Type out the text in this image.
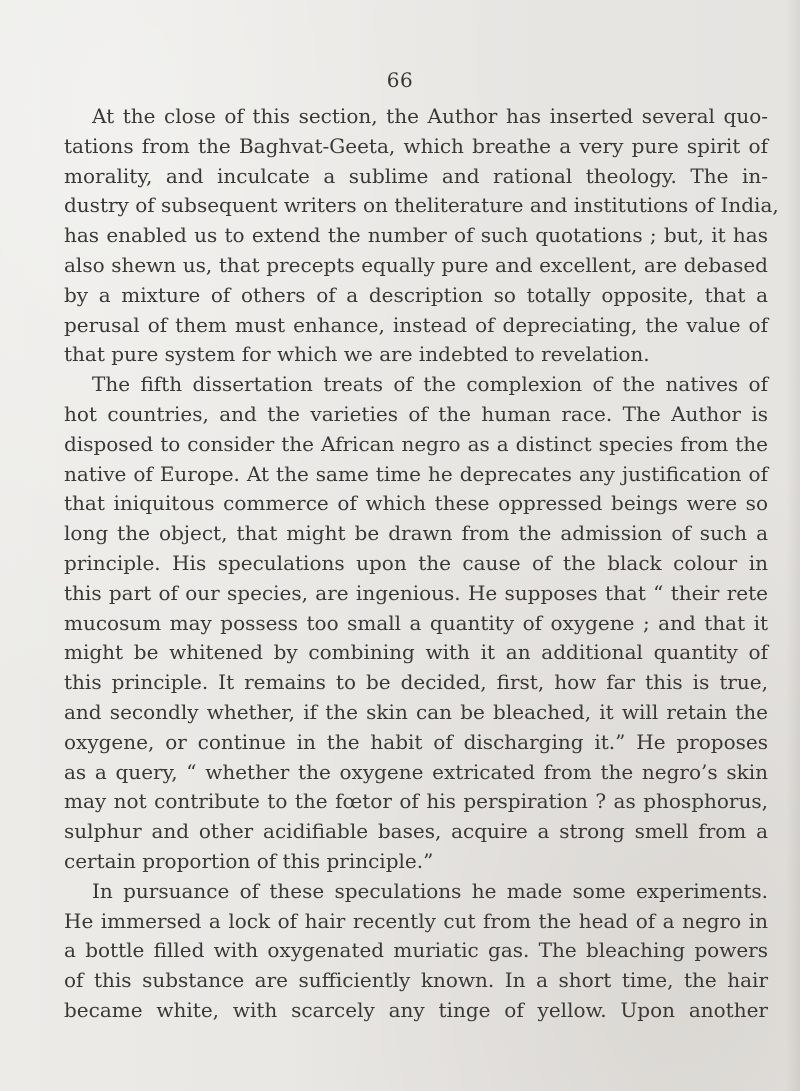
66
At the close of this section, the Author has inserted several quo-
tations from the Baghvat-Geeta, which breathe a very pure spirit of
morality, and inculcate a sublime and rational theology. The in-
dustry of subsequent writers on theliterature and institutions of India,
has enabled us to extend the number of such quotations ; but, it has
also shewn us, that precepts equally pure and excellent, are debased
by a mixture of others of a description so totally opposite, that a
perusal of them must enhance, instead of depreciating, the value of
that pure system for which we are indebted to revelation.
The fifth dissertation treats of the complexion of the natives of
hot countries, and the varieties of the human race. The Author is
disposed to consider the African negro as a distinct species from the
native of Europe. At the same time he deprecates any justification of
that iniquitous commerce of which these oppressed beings were so
long the object, that might be drawn from the admission of such a
principle. His speculations upon the cause of the black colour in
this part of our species, are ingenious. He supposes that “ their rete
mucosum may possess too small a quantity of oxygene ; and that it
might be whitened by combining with it an additional quantity of
this principle. It remains to be decided, first, how far this is true,
and secondly whether, if the skin can be bleached, it will retain the
oxygene, or continue in the habit of discharging it.” He proposes
as a query, “ whether the oxygene extricated from the negro’s skin
may not contribute to the fœtor of his perspiration ? as phosphorus,
sulphur and other acidifiable bases, acquire a strong smell from a
certain proportion of this principle.”
In pursuance of these speculations he made some experiments.
He immersed a lock of hair recently cut from the head of a negro in
a bottle filled with oxygenated muriatic gas. The bleaching powers
of this substance are sufficiently known. In a short time, the hair
became white, with scarcely any tinge of yellow. Upon another
